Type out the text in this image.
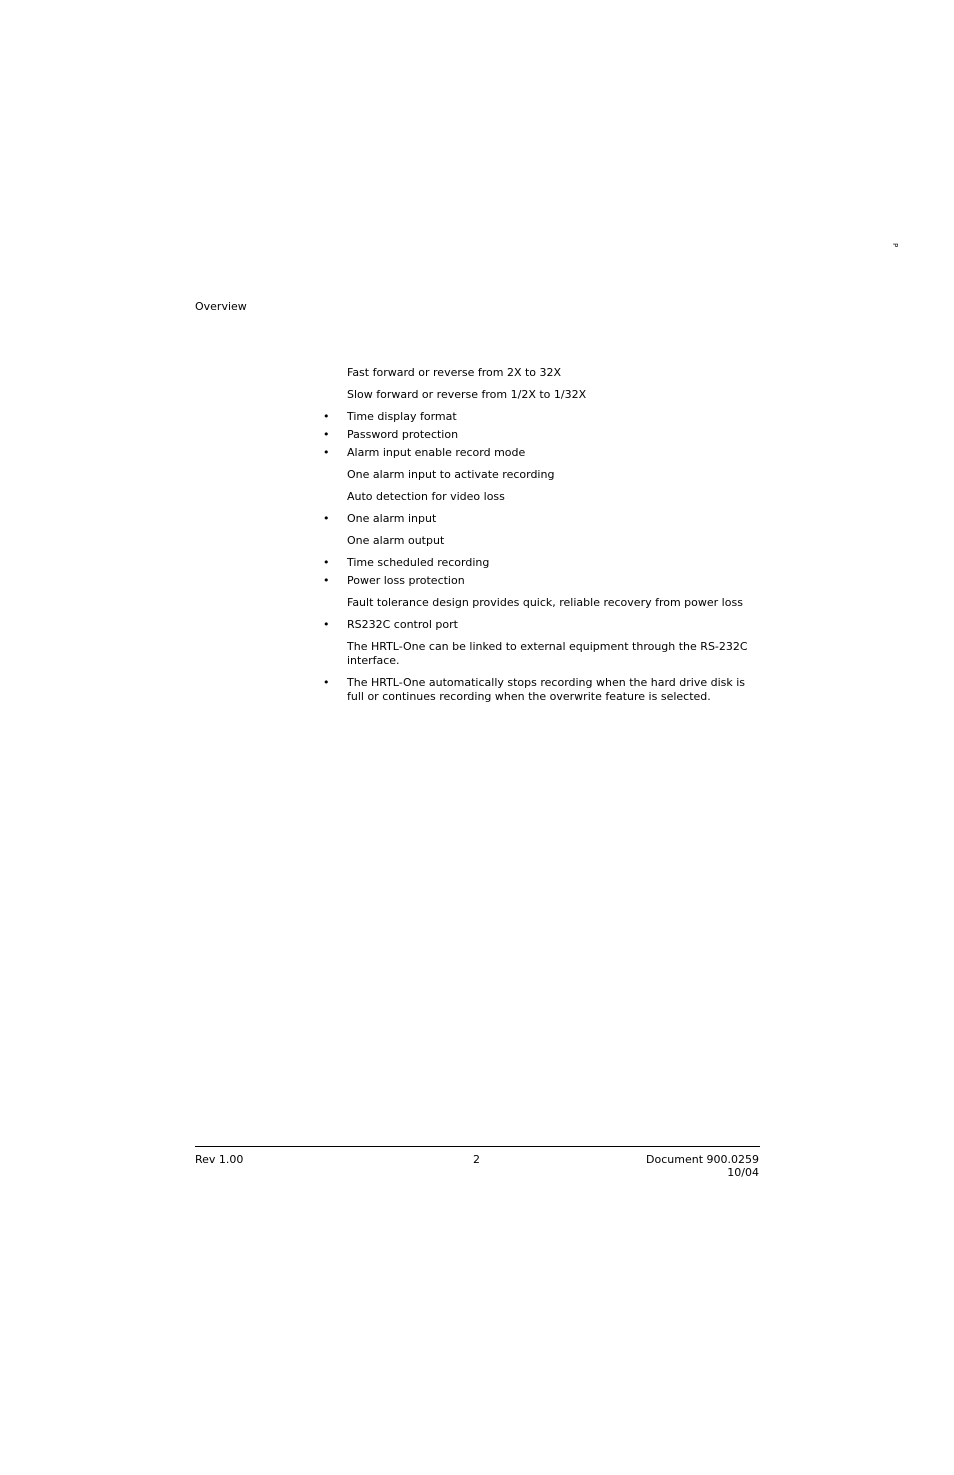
P
Overview
Fast forward or reverse from 2X to 32X
Slow forward or reverse from 1/2X to 1/32X
• Time display format
• Password protection
• Alarm input enable record mode
One alarm input to activate recording
Auto detection for video loss
• One alarm input
One alarm output
• Time scheduled recording
• Power loss protection
Fault tolerance design provides quick, reliable recovery from power loss
• RS232C control port
The HRTL-One can be linked to external equipment through the RS-232C interface.
• The HRTL-One automatically stops recording when the hard drive disk is full or continues recording when the overwrite feature is selected.
Rev 1.00	2	Document 900.0259
10/04
